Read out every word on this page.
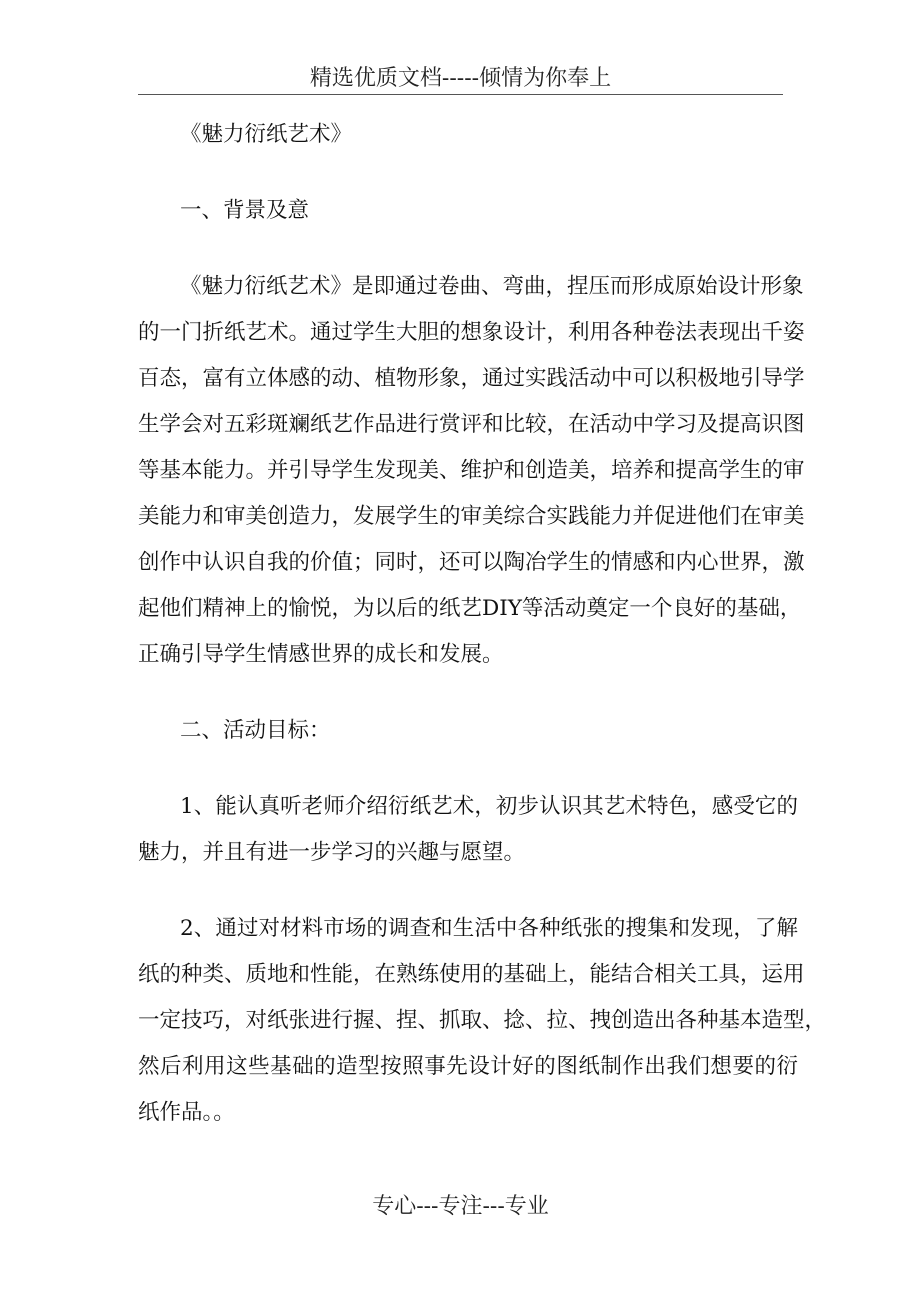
精选优质文档-----倾情为你奉上
《魅力衍纸艺术》
一、背景及意
《魅力衍纸艺术》是即通过卷曲、弯曲，捏压而形成原始设计形象
的一门折纸艺术。通过学生大胆的想象设计，利用各种卷法表现出千姿
百态，富有立体感的动、植物形象，通过实践活动中可以积极地引导学
生学会对五彩斑斓纸艺作品进行赏评和比较，在活动中学习及提高识图
等基本能力。并引导学生发现美、维护和创造美，培养和提高学生的审
美能力和审美创造力，发展学生的审美综合实践能力并促进他们在审美
创作中认识自我的价值；同时，还可以陶冶学生的情感和内心世界，激
起他们精神上的愉悦，为以后的纸艺DIY等活动奠定一个良好的基础，
正确引导学生情感世界的成长和发展。
二、活动目标：
1、能认真听老师介绍衍纸艺术，初步认识其艺术特色，感受它的
魅力，并且有进一步学习的兴趣与愿望。
2、通过对材料市场的调查和生活中各种纸张的搜集和发现，了解
纸的种类、质地和性能，在熟练使用的基础上，能结合相关工具，运用
一定技巧，对纸张进行握、捏、抓取、捻、拉、拽创造出各种基本造型，
然后利用这些基础的造型按照事先设计好的图纸制作出我们想要的衍
纸作品。。
专心---专注---专业
